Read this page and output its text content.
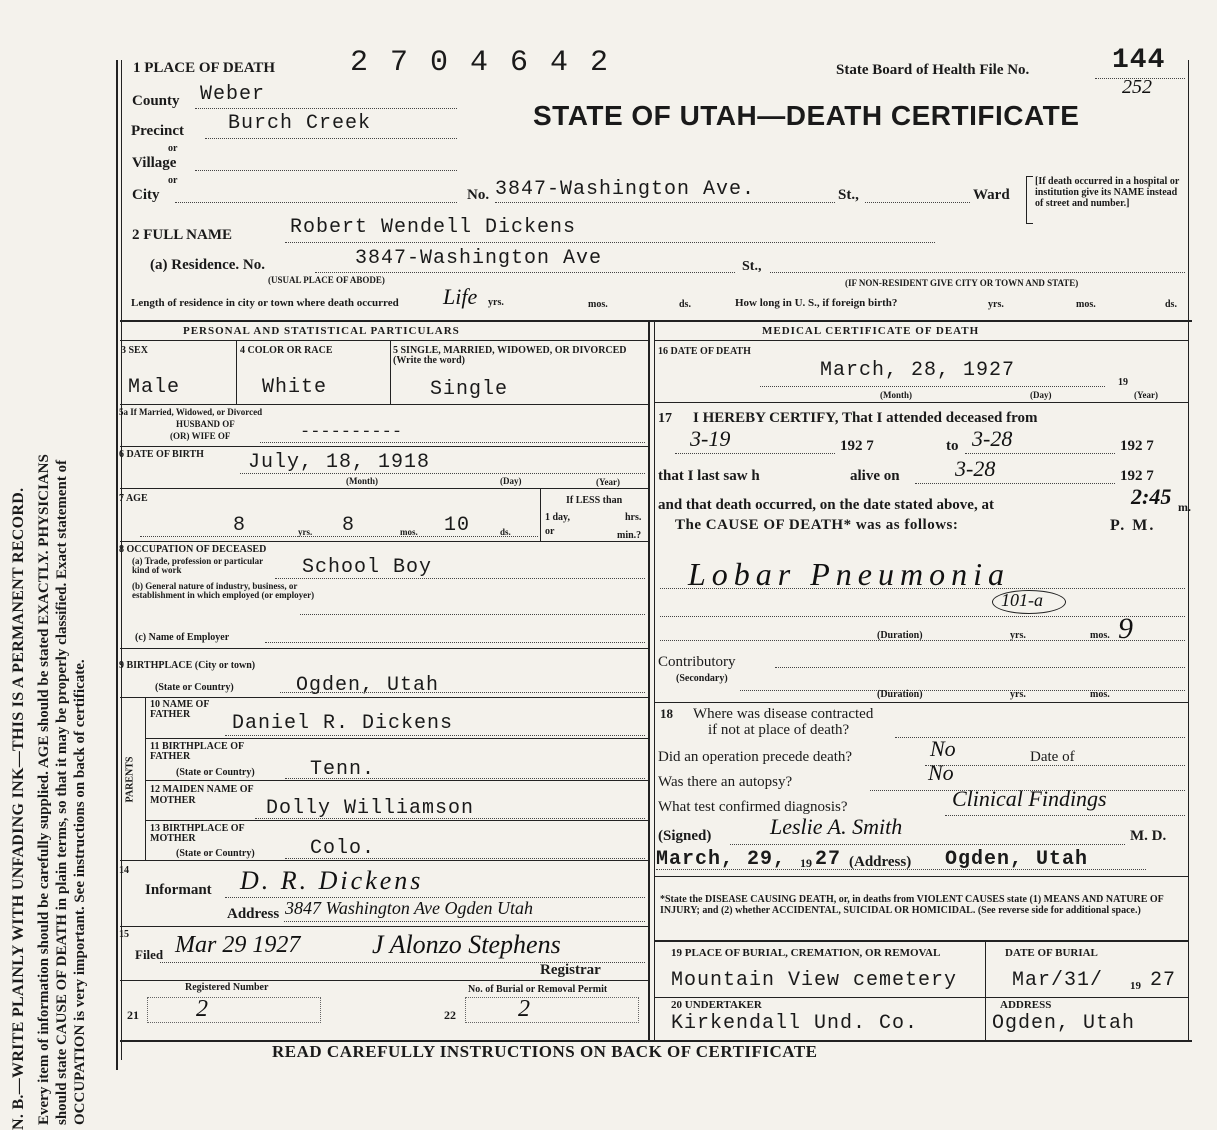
N. B.—WRITE PLAINLY WITH UNFADING INK—THIS IS A PERMANENT RECORD. Every item of information should be carefully supplied. AGE should be stated EXACTLY. PHYSICIANS should state CAUSE OF DEATH in plain terms, so that it may be properly classified. Exact statement of OCCUPATION is very important. See instructions on back of certificate.
1 PLACE OF DEATH 2 7 0 4 6 4 2	State Board of Health File No.	144
252
STATE OF UTAH—DEATH CERTIFICATE
County Weber
Precinct Burch Creek
or
Village
or
City	No. 3847-Washington Ave.	St.,	Ward
[If death occurred in a hospital or institution give its NAME instead of street and number.]
2 FULL NAME	Robert Wendell Dickens
(a) Residence. No.	3847-Washington Ave	St.,
(USUAL PLACE OF ABODE)	(IF NON-RESIDENT GIVE CITY OR TOWN AND STATE)
Length of residence in city or town where death occurred Life yrs.	mos.	ds.	How long in U. S., if foreign birth?	yrs.	mos.	ds.
PERSONAL AND STATISTICAL PARTICULARS
3 SEX
Male
4 COLOR OR RACE
White
5 SINGLE, MARRIED, WIDOWED, OR DIVORCED (Write the word)
Single
5a If Married, Widowed, or Divorced
HUSBAND OF
(OR) WIFE OF	----------
6 DATE OF BIRTH July, 18, 1918
(Month)	(Day)	(Year)
7 AGE
8	yrs. 8	mos. 10	ds.
If LESS than
1 day,	hrs.
or	min.?
8 OCCUPATION OF DECEASED
(a) Trade, profession or particular kind of work	School Boy
(b) General nature of industry, business, or establishment in which employed (or employer)
(c) Name of Employer
9 BIRTHPLACE (City or town)
(State or Country)	Ogden, Utah
PARENTS
10 NAME OF FATHER	Daniel R. Dickens
11 BIRTHPLACE OF FATHER
(State or Country)	Tenn.
12 MAIDEN NAME OF MOTHER	Dolly Williamson
13 BIRTHPLACE OF MOTHER
(State or Country)	Colo.
14
Informant D. R. Dickens
Address 3847 Washington Ave Ogden Utah
15
Filed Mar 29 1927	J Alonzo Stephens
Registrar
Registered Number	No. of Burial or Removal Permit
21 2	22	2
MEDICAL CERTIFICATE OF DEATH
16 DATE OF DEATH
March, 28, 1927
19
(Month)	(Day)	(Year)
17 I HEREBY CERTIFY, That I attended deceased from
3-19	192 7	to 3-28	192 7
that I last saw h	alive on	3-28	192 7
and that death occurred, on the date stated above, at	2:45 m.
The CAUSE OF DEATH* was as follows:	P. M.
Lobar Pneumonia
101-a
(Duration)	yrs.	mos. 9
Contributory
(Secondary)
(Duration)	yrs.	mos.
18 Where was disease contracted
if not at place of death?
Did an operation precede death?	No	Date of
Was there an autopsy?	No
What test confirmed diagnosis?	Clinical Findings
(Signed)	Leslie A. Smith	M. D.
March, 29, 19 27 (Address) Ogden, Utah
*State the DISEASE CAUSING DEATH, or, in deaths from VIOLENT CAUSES state (1) MEANS AND NATURE OF INJURY; and (2) whether ACCIDENTAL, SUICIDAL OR HOMICIDAL. (See reverse side for additional space.)
19 PLACE OF BURIAL, CREMATION, OR REMOVAL	DATE OF BURIAL
Mountain View cemetery	Mar/31/ 19 27
20 UNDERTAKER
Kirkendall Und. Co.
ADDRESS
Ogden, Utah
READ CAREFULLY INSTRUCTIONS ON BACK OF CERTIFICATE
